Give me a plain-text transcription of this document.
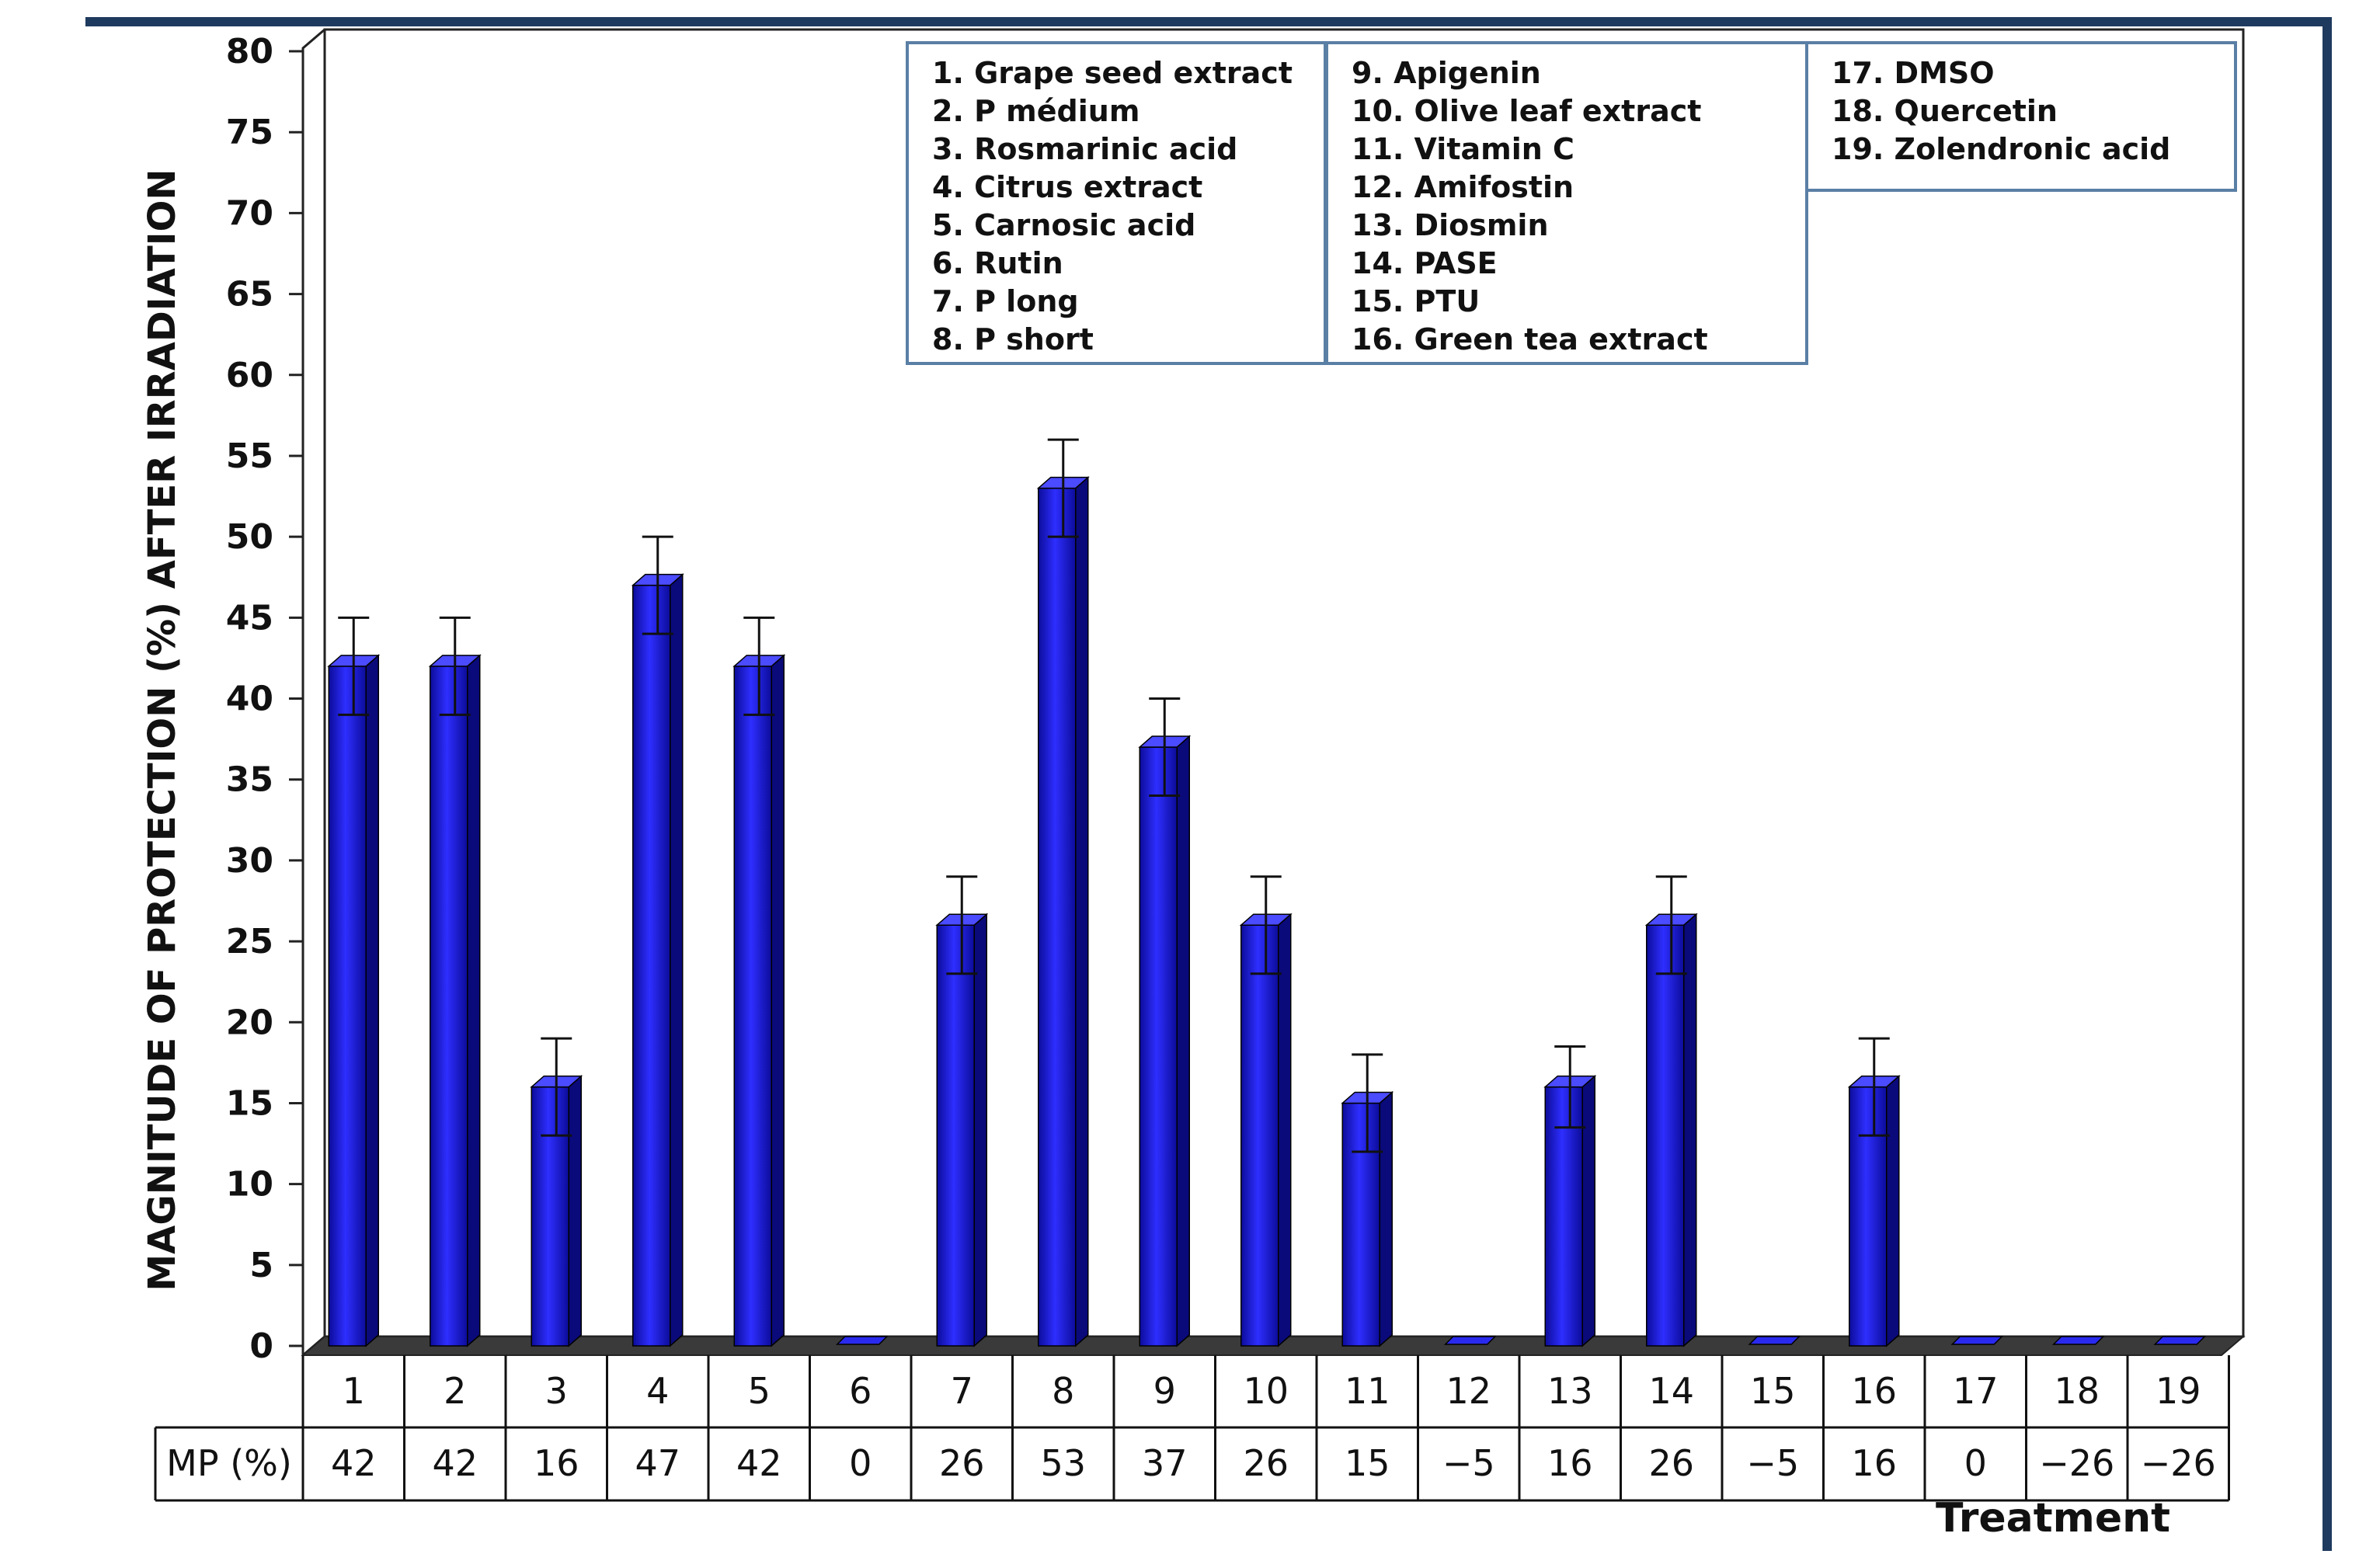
0
5
10
15
20
25
30
35
40
45
50
55
60
65
70
75
80
1. Grape seed extract
2. P médium
3. Rosmarinic acid
4. Citrus extract
5. Carnosic acid
6. Rutin
7. P long
8. P short
9. Apigenin
10. Olive leaf extract
11. Vitamin C
12. Amifostin
13. Diosmin
14. PASE
15. PTU
16. Green tea extract
17. DMSO
18. Quercetin
19. Zolendronic acid
MP (%)
1
42
2
42
3
16
4
47
5
42
6
0
7
26
8
53
9
37
10
26
11
15
12
−5
13
16
14
26
15
−5
16
16
17
0
18
−26
19
−26
MAGNITUDE OF PROTECTION (%) AFTER IRRADIATION
Treatment
